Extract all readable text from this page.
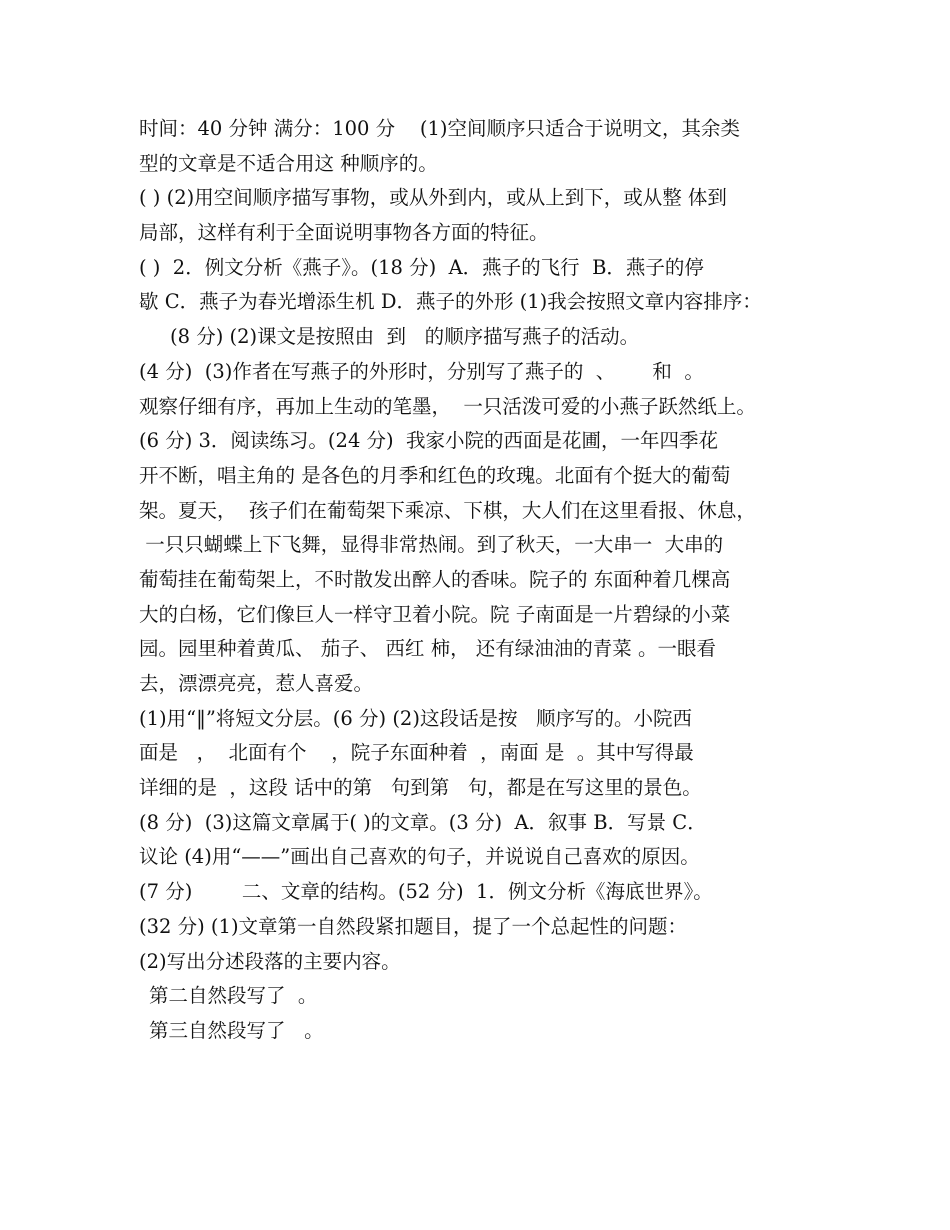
时间：40 分钟 满分：100 分    (1)空间顺序只适合于说明文，其余类
型的文章是不适合用这 种顺序的。
( ) (2)用空间顺序描写事物，或从外到内，或从上到下，或从整 体到
局部，这样有利于全面说明事物各方面的特征。
( )  2．例文分析《燕子》。(18 分)  A．燕子的飞行  B．燕子的停
歇 C．燕子为春光增添生机 D．燕子的外形 (1)我会按照文章内容排序：
(8 分) (2)课文是按照由  到   的顺序描写燕子的活动。
(4 分)  (3)作者在写燕子的外形时，分别写了燕子的  、      和  。
观察仔细有序，再加上生动的笔墨，  一只活泼可爱的小燕子跃然纸上。
(6 分) 3．阅读练习。(24 分)  我家小院的西面是花圃，一年四季花
开不断，唱主角的 是各色的月季和红色的玫瑰。北面有个挺大的葡萄
架。夏天，  孩子们在葡萄架下乘凉、下棋，大人们在这里看报、休息，
一只只蝴蝶上下飞舞，显得非常热闹。到了秋天，一大串一  大串的
葡萄挂在葡萄架上，不时散发出醉人的香味。院子的 东面种着几棵高
大的白杨，它们像巨人一样守卫着小院。院 子南面是一片碧绿的小菜
园。园里种着黄瓜、 茄子、 西红 柿， 还有绿油油的青菜 。一眼看
去，漂漂亮亮，惹人喜爱。
(1)用“‖”将短文分层。(6 分) (2)这段话是按   顺序写的。小院西
面是   ，  北面有个    ，院子东面种着  ，南面 是  。其中写得最
详细的是  ，这段 话中的第   句到第   句，都是在写这里的景色。
(8 分)  (3)这篇文章属于( )的文章。(3 分)  A．叙事 B．写景 C．
议论 (4)用“——”画出自己喜欢的句子，并说说自己喜欢的原因。
(7 分)        二、文章的结构。(52 分)  1．例文分析《海底世界》。
(32 分) (1)文章第一自然段紧扣题目，提了一个总起性的问题：
(2)写出分述段落的主要内容。
第二自然段写了  。
第三自然段写了   。
